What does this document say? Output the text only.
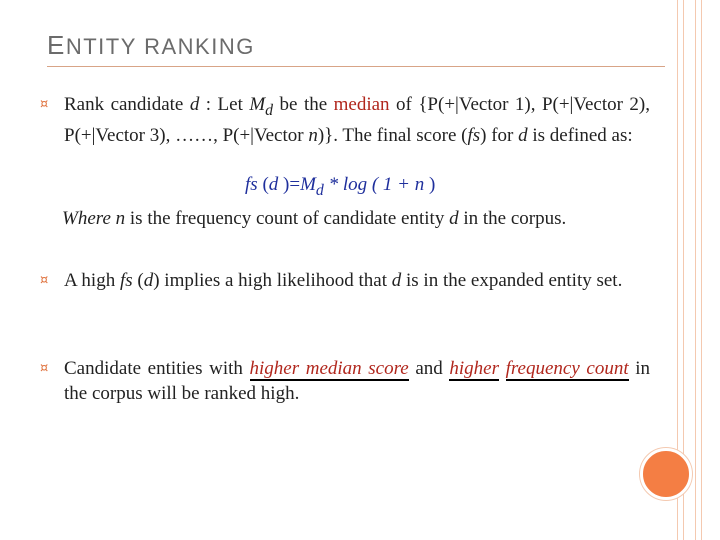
ENTITY RANKING
¤ Rank candidate d : Let $M_d$ be the median of {P(+|Vector 1), P(+|Vector 2), P(+|Vector 3), ……, P(+|Vector n)}. The final score (fs) for d is defined as:
fs (d )$=M_d * \log$ ( 1 + n )
Where n is the frequency count of candidate entity d in the corpus.
¤ A high fs (d) implies a high likelihood that d is in the expanded entity set.
¤ Candidate entities with higher median score and higher frequency count in the corpus will be ranked high.
